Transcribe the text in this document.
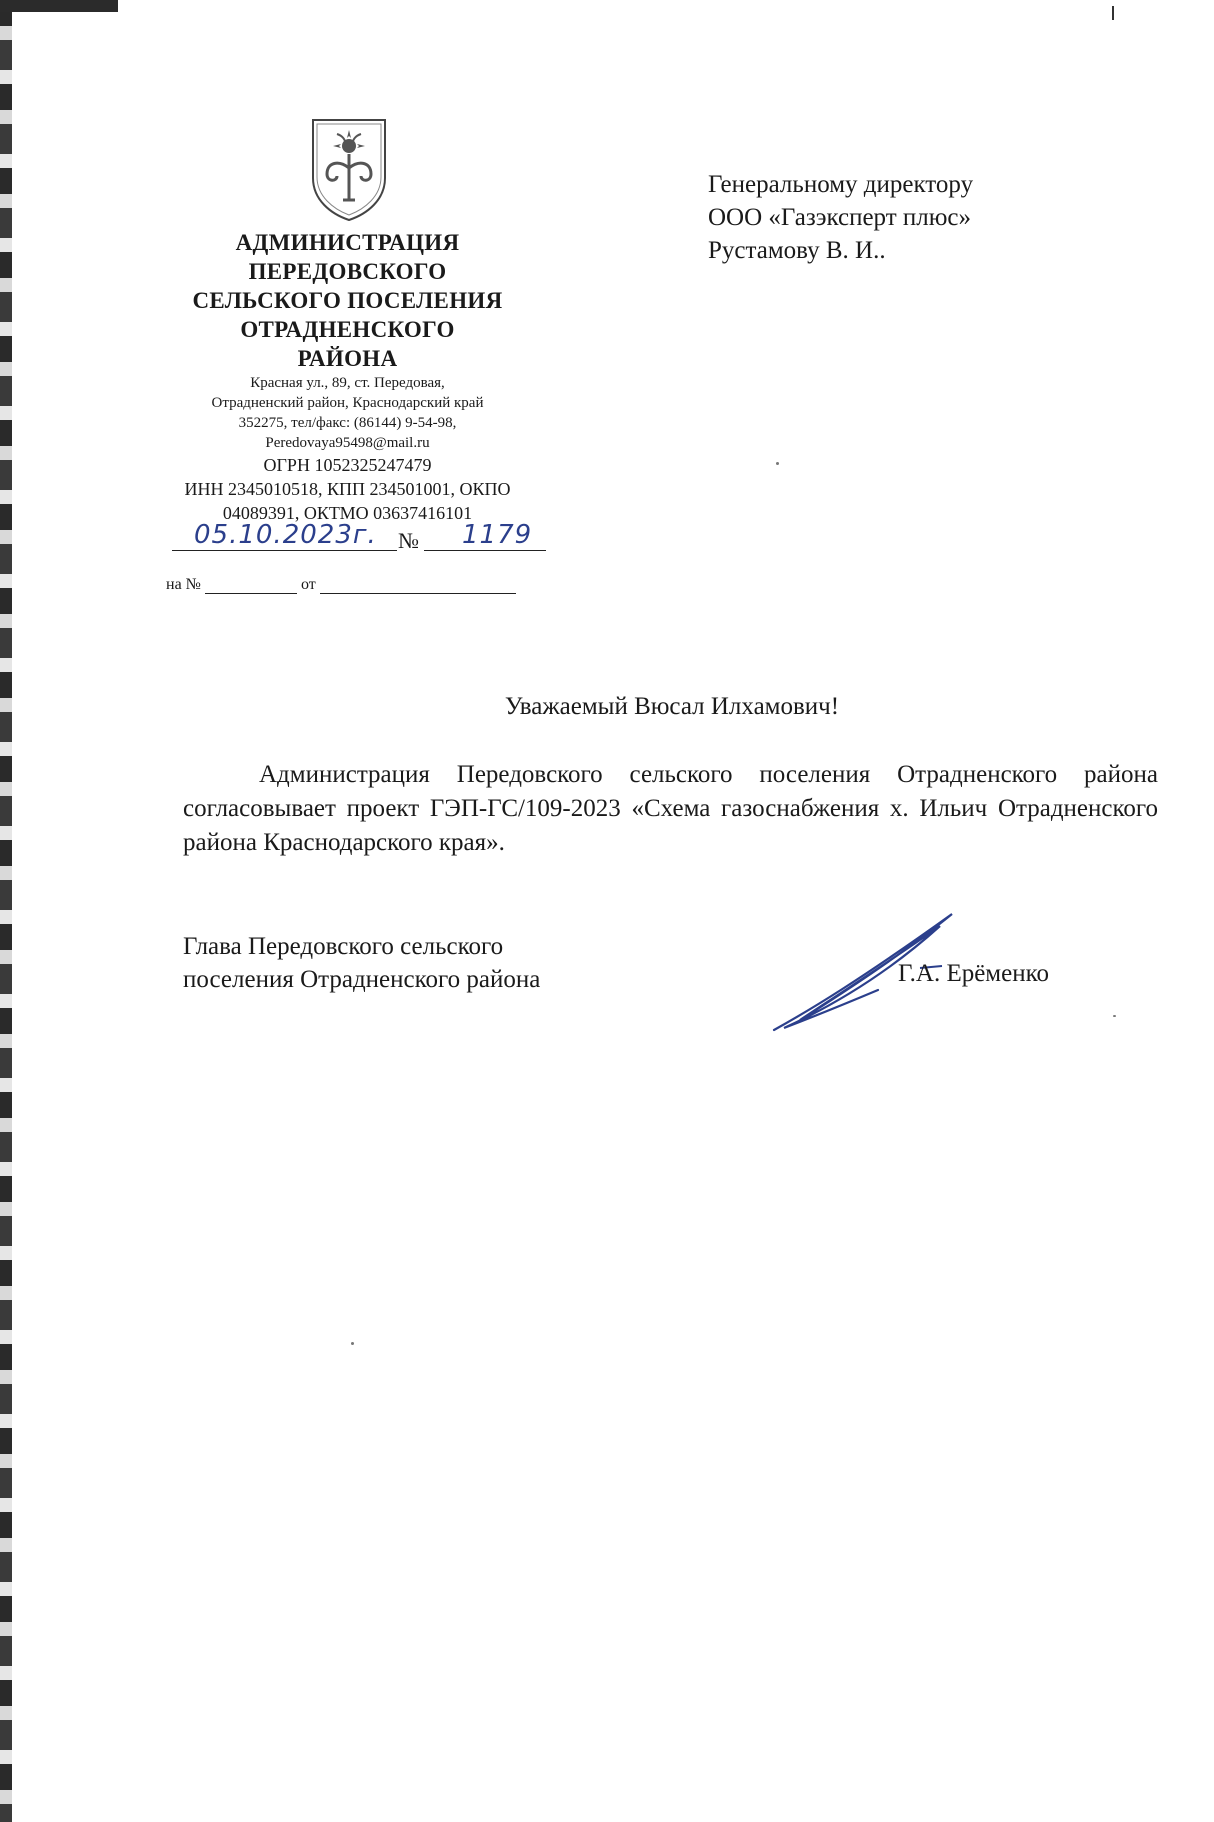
АДМИНИСТРАЦИЯ
ПЕРЕДОВСКОГО
СЕЛЬСКОГО ПОСЕЛЕНИЯ
ОТРАДНЕНСКОГО
РАЙОНА
Красная ул., 89, ст. Передовая,
Отрадненский район, Краснодарский край
352275, тел/факс: (86144) 9-54-98,
Peredovaya95498@mail.ru
ОГРН 1052325247479
ИНН 2345010518, КПП 234501001, ОКПО
04089391, ОКТМО 03637416101
05.10.2023г. № 1179
на №	от
Генеральному директору
ООО «Газэксперт плюс»
Рустамову В. И..
Уважаемый Вюсал Илхамович!
Администрация Передовского сельского поселения Отрадненского района согласовывает проект ГЭП-ГС/109-2023 «Схема газоснабжения х. Ильич Отрадненского района Краснодарского края».
Глава Передовского сельского
поселения Отрадненского района	Г.А. Ерёменко
